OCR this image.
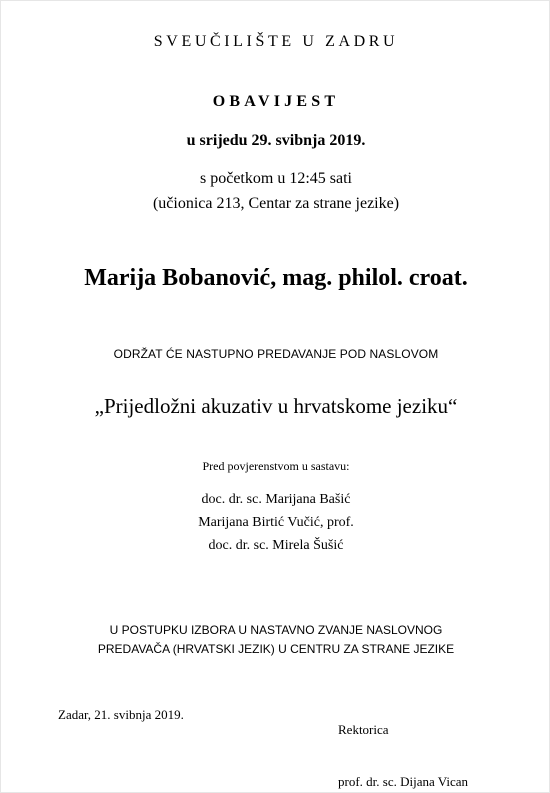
SVEUČILIŠTE U ZADRU
OBAVIJEST
u srijedu 29. svibnja 2019.
s početkom u 12:45 sati
(učionica 213, Centar za strane jezike)
Marija Bobanović, mag. philol. croat.
ODRŽAT ĆE NASTUPNO PREDAVANJE POD NASLOVOM
„Prijedložni akuzativ u hrvatskome jeziku“
Pred povjerenstvom u sastavu:
doc. dr. sc. Marijana Bašić
Marijana Birtić Vučić, prof.
doc. dr. sc. Mirela Šušić
U POSTUPKU IZBORA U NASTAVNO ZVANJE NASLOVNOG
PREDAVAČA (HRVATSKI JEZIK) U CENTRU ZA STRANE JEZIKE
Zadar, 21. svibnja 2019.
Rektorica
prof. dr. sc. Dijana Vican
